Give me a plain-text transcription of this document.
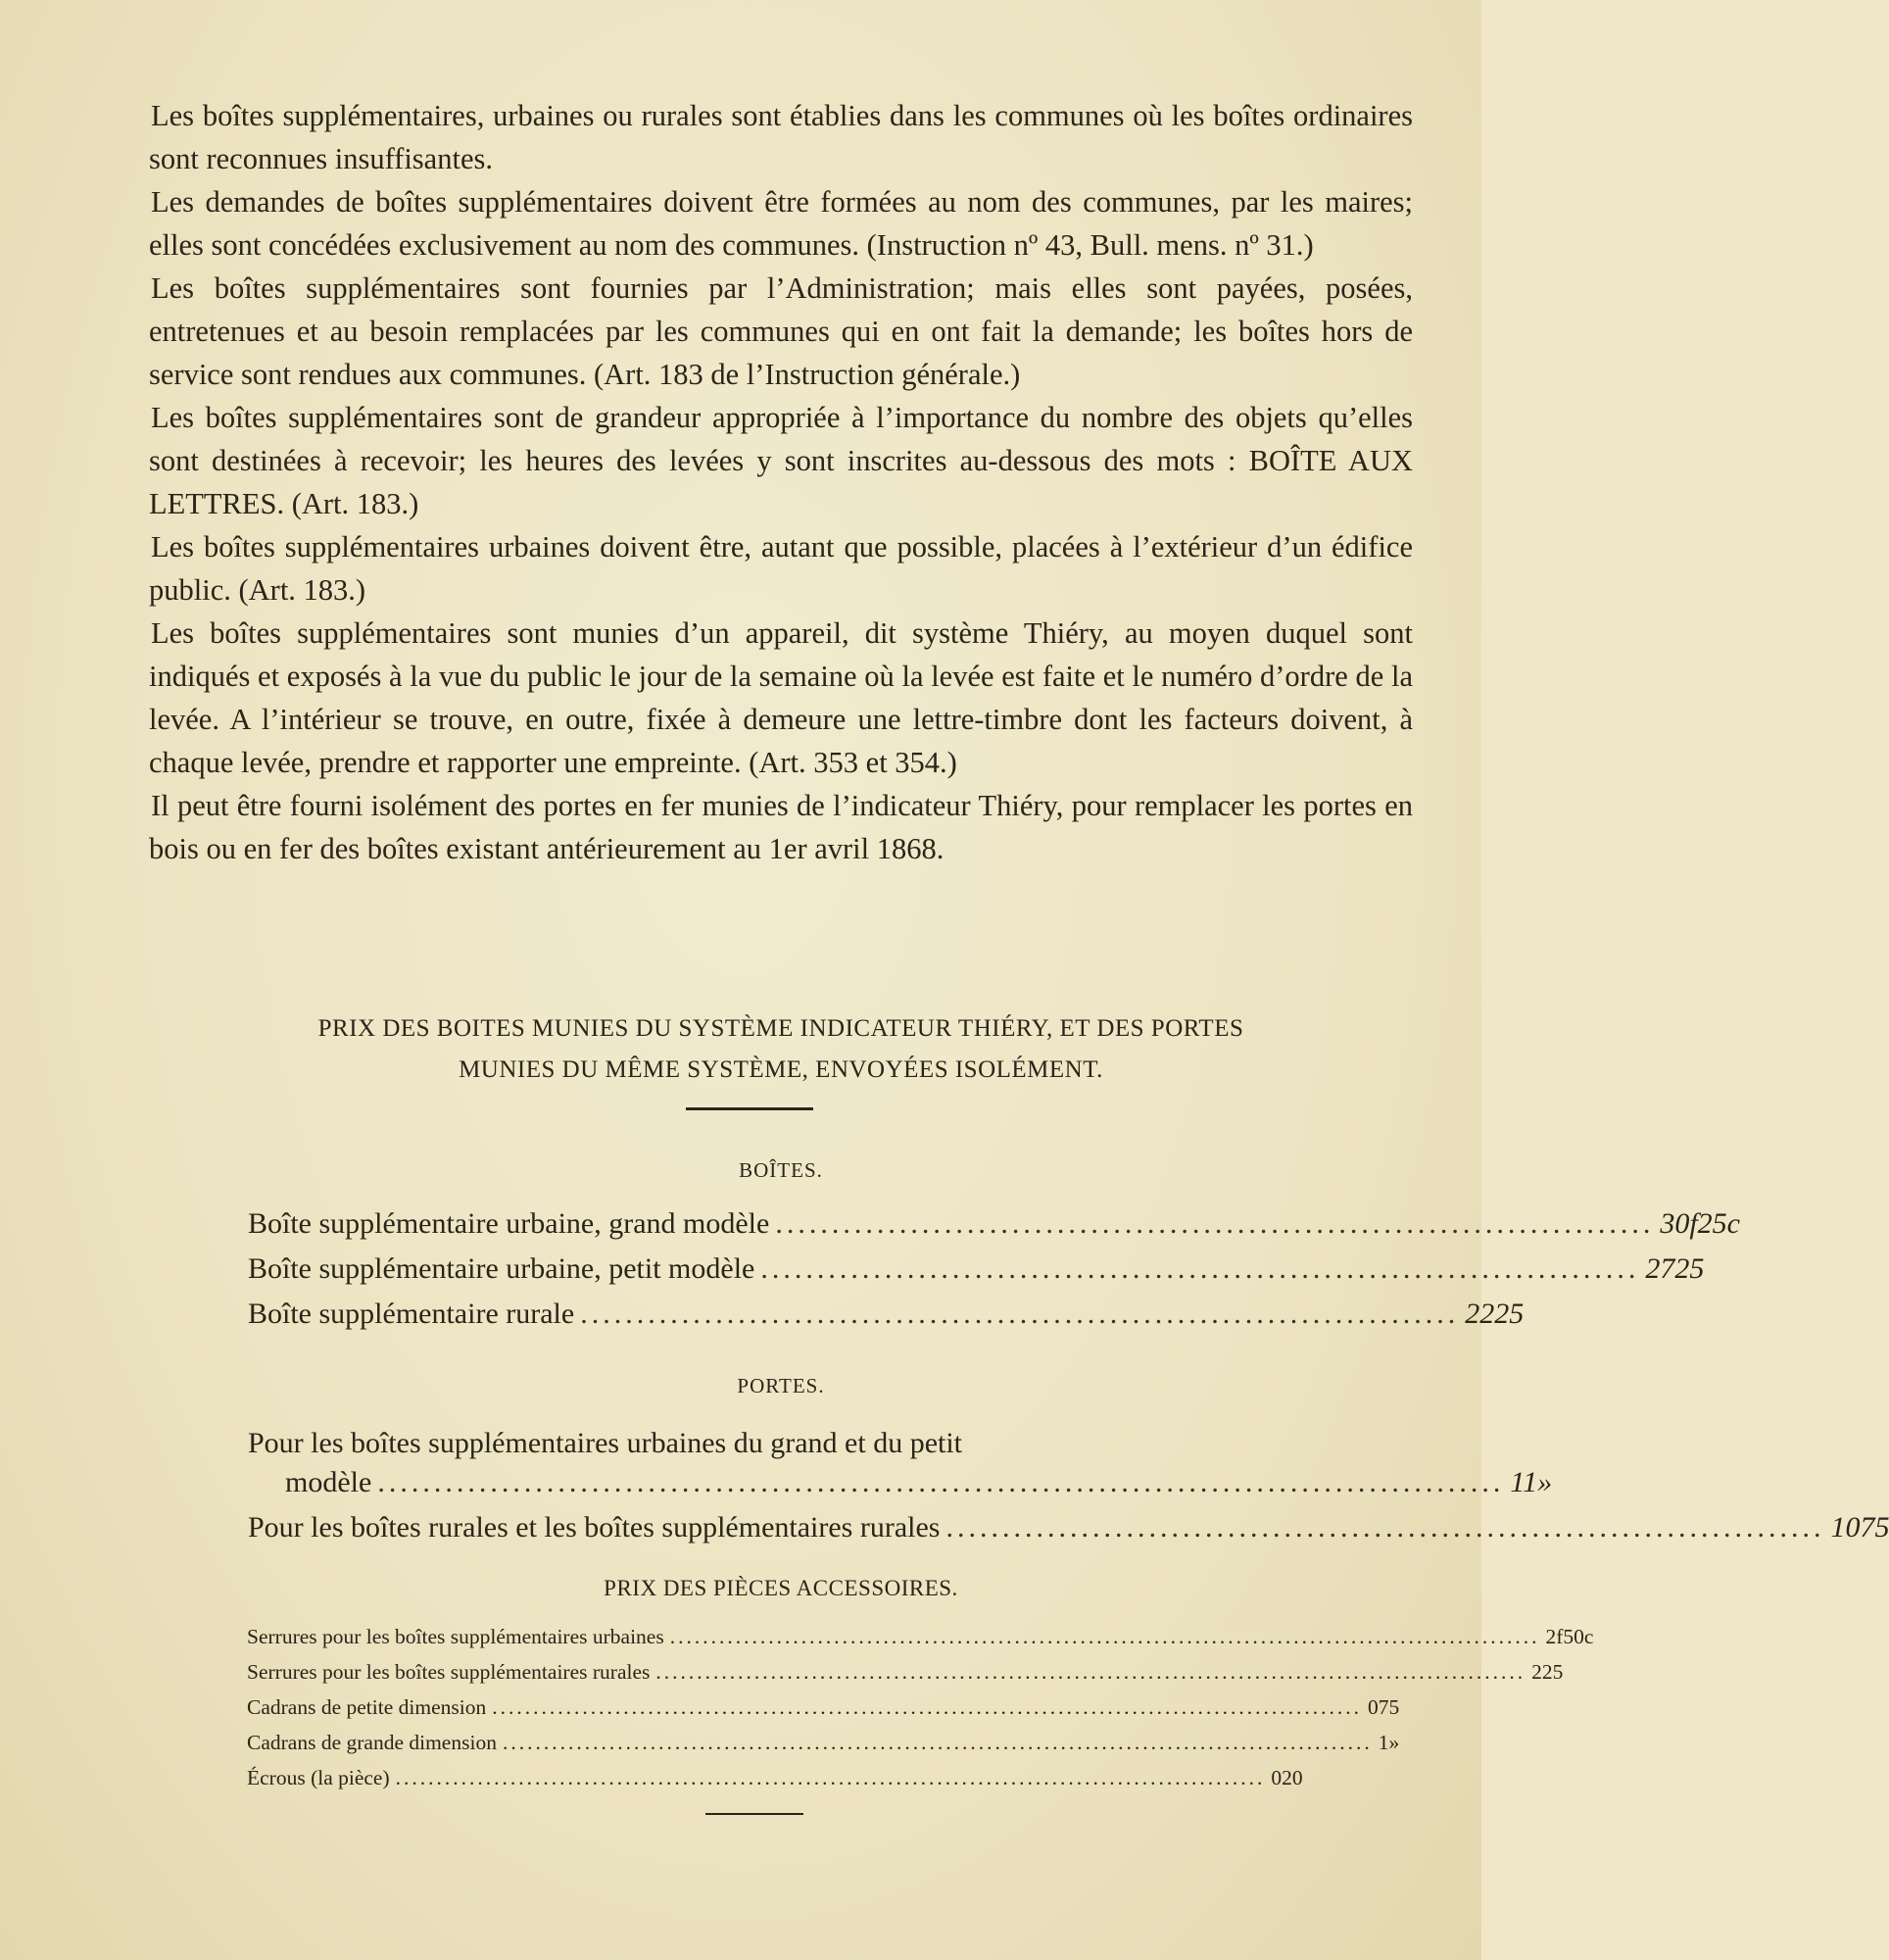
Les boîtes supplémentaires, urbaines ou rurales sont établies dans les communes où les boîtes ordinaires sont reconnues insuffisantes.

Les demandes de boîtes supplémentaires doivent être formées au nom des communes, par les maires; elles sont concédées exclusivement au nom des communes. (Instruction nº 43, Bull. mens. nº 31.)

Les boîtes supplémentaires sont fournies par l’Administration; mais elles sont payées, posées, entretenues et au besoin remplacées par les communes qui en ont fait la demande; les boîtes hors de service sont rendues aux communes. (Art. 183 de l’Instruction générale.)

Les boîtes supplémentaires sont de grandeur appropriée à l’importance du nombre des objets qu’elles sont destinées à recevoir; les heures des levées y sont inscrites au-dessous des mots : BOÎTE AUX LETTRES. (Art. 183.)

Les boîtes supplémentaires urbaines doivent être, autant que possible, placées à l’extérieur d’un édifice public. (Art. 183.)

Les boîtes supplémentaires sont munies d’un appareil, dit système Thiéry, au moyen duquel sont indiqués et exposés à la vue du public le jour de la semaine où la levée est faite et le numéro d’ordre de la levée. A l’intérieur se trouve, en outre, fixée à demeure une lettre-timbre dont les facteurs doivent, à chaque levée, prendre et rapporter une empreinte. (Art. 353 et 354.)

Il peut être fourni isolément des portes en fer munies de l’indicateur Thiéry, pour remplacer les portes en bois ou en fer des boîtes existant antérieurement au 1er avril 1868.

PRIX DES BOITES MUNIES DU SYSTÈME INDICATEUR THIÉRY, ET DES PORTES
MUNIES DU MÊME SYSTÈME, ENVOYÉES ISOLÉMENT.
BOÎTES.
Boîte supplémentaire urbaine, grand modèle .............................................................................. 30f 25c
Boîte supplémentaire urbaine, petit modèle .............................................................................. 27 25
Boîte supplémentaire rurale .............................................................................. 22 25
PORTES.
Pour les boîtes supplémentaires urbaines du grand et du petit
modèle .................................................................................................... 11 »
Pour les boîtes rurales et les boîtes supplémentaires rurales .............................................................................. 10 75
PRIX DES PIÈCES ACCESSOIRES.
Serrures pour les boîtes supplémentaires urbaines .......................................................................................................... 2f 50c
Serrures pour les boîtes supplémentaires rurales .......................................................................................................... 2 25
Cadrans de petite dimension .......................................................................................................... 0 75
Cadrans de grande dimension .......................................................................................................... 1 »
Écrous (la pièce) .......................................................................................................... 0 20
